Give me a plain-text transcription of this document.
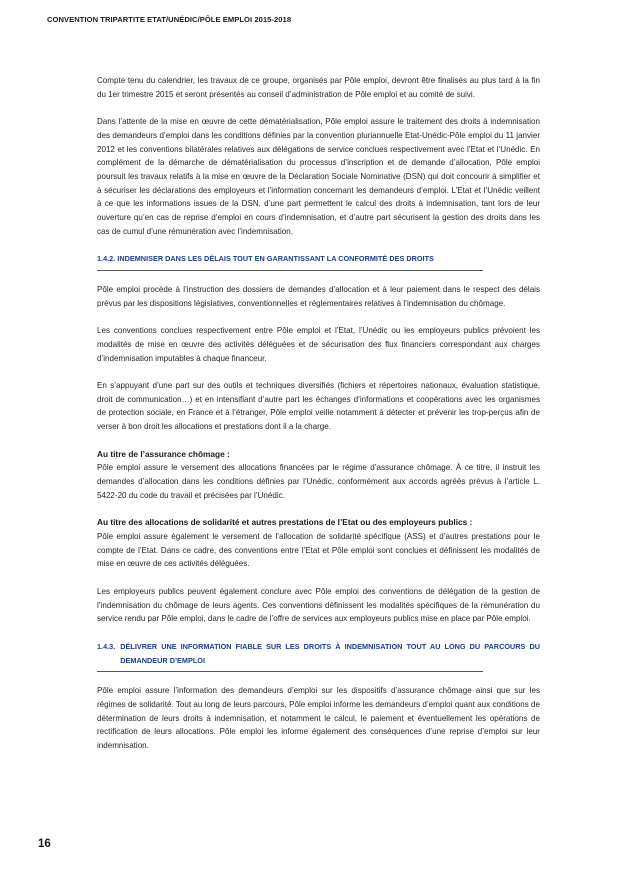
CONVENTION TRIPARTITE ETAT/UNÉDIC/PÔLE EMPLOI 2015-2018

Compte tenu du calendrier, les travaux de ce groupe, organisés par Pôle emploi, devront être finalisés au plus tard à la fin du 1er trimestre 2015 et seront présentés au conseil d’administration de Pôle emploi et au comité de suivi.

Dans l’attente de la mise en œuvre de cette dématérialisation, Pôle emploi assure le traitement des droits à indemnisation des demandeurs d’emploi dans les conditions définies par la convention pluriannuelle Etat-Unédic-Pôle emploi du 11 janvier 2012 et les conventions bilatérales relatives aux délégations de service conclues respectivement avec l’Etat et l’Unédic. En complément de la démarche de dématérialisation du processus d’inscription et de demande d’allocation, Pôle emploi poursuit les travaux relatifs à la mise en œuvre de la Déclaration Sociale Nominative (DSN) qui doit concourir à simplifier et à sécuriser les déclarations des employeurs et l’information concernant les demandeurs d’emploi. L’Etat et l’Unédic veillent à ce que les informations issues de la DSN, d’une part permettent le calcul des droits à indemnisation, tant lors de leur ouverture qu’en cas de reprise d’emploi en cours d’indemnisation, et d’autre part sécurisent la gestion des droits dans les cas de cumul d’une rémunération avec l’indemnisation.

1.4.2. INDEMNISER DANS LES DÉLAIS TOUT EN GARANTISSANT LA CONFORMITÉ DES DROITS

Pôle emploi procède à l’instruction des dossiers de demandes d’allocation et à leur paiement dans le respect des délais prévus par les dispositions législatives, conventionnelles et réglementaires relatives à l’indemnisation du chômage.

Les conventions conclues respectivement entre Pôle emploi et l’Etat, l’Unédic ou les employeurs publics prévoient les modalités de mise en œuvre des activités déléguées et de sécurisation des flux financiers correspondant aux charges d’indemnisation imputables à chaque financeur.

En s’appuyant d’une part sur des outils et techniques diversifiés (fichiers et répertoires nationaux, évaluation statistique, droit de communication…) et en intensifiant d’autre part les échanges d’informations et coopérations avec les organismes de protection sociale, en France et à l’étranger, Pôle emploi veille notamment à détecter et prévenir les trop-perçus afin de verser à bon droit les allocations et prestations dont il a la charge.

Au titre de l’assurance chômage :

Pôle emploi assure le versement des allocations financées par le régime d’assurance chômage. À ce titre, il instruit les demandes d’allocation dans les conditions définies par l’Unédic, conformément aux accords agréés prévus à l’article L. 5422-20 du code du travail et précisées par l’Unédic.

Au titre des allocations de solidarité et autres prestations de l’Etat ou des employeurs publics :

Pôle emploi assure également le versement de l’allocation de solidarité spécifique (ASS) et d’autres prestations pour le compte de l’Etat. Dans ce cadre, des conventions entre l’Etat et Pôle emploi sont conclues et définissent les modalités de mise en œuvre de ces activités déléguées.

Les employeurs publics peuvent également conclure avec Pôle emploi des conventions de délégation de la gestion de l’indemnisation du chômage de leurs agents. Ces conventions définissent les modalités spécifiques de la rémunération du service rendu par Pôle emploi, dans le cadre de l’offre de services aux employeurs publics mise en place par Pôle emploi.

1.4.3. DÉLIVRER UNE INFORMATION FIABLE SUR LES DROITS À INDEMNISATION TOUT AU LONG DU PARCOURS DU DEMANDEUR D’EMPLOI

Pôle emploi assure l’information des demandeurs d’emploi sur les dispositifs d’assurance chômage ainsi que sur les régimes de solidarité. Tout au long de leurs parcours, Pôle emploi informe les demandeurs d’emploi quant aux conditions de détermination de leurs droits à indemnisation, et notamment le calcul, le paiement et éventuellement les opérations de rectification de leurs allocations. Pôle emploi les informe également des conséquences d’une reprise d’emploi sur leur indemnisation.

16
